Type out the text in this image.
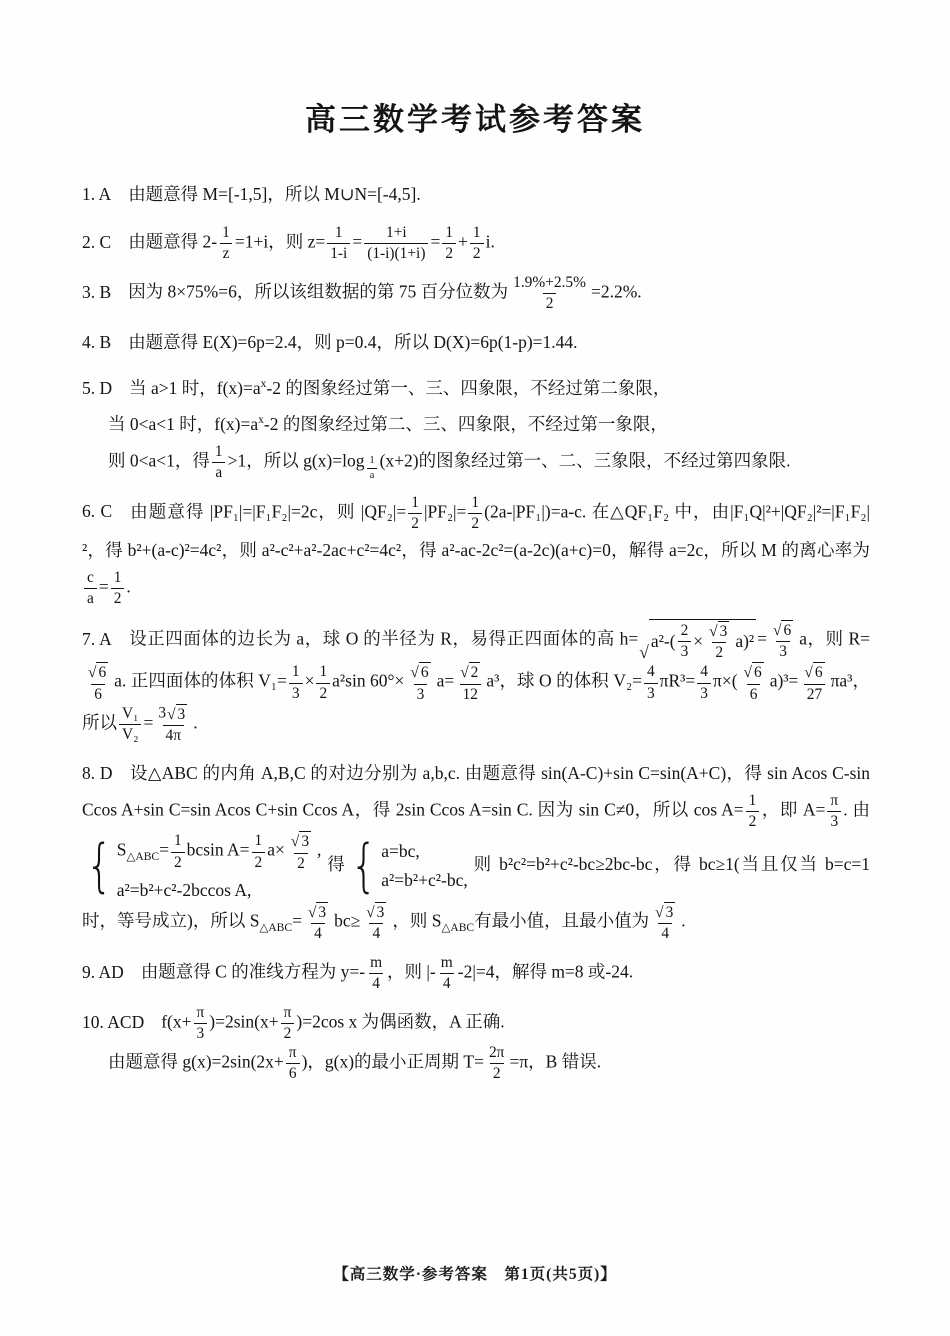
高三数学考试参考答案
1. A 由题意得 M=[-1,5]，所以 M∪N=[-4,5].
2. C 由题意得 $2- \frac{1}{z} =1+i$，则 $z= \frac{1}{1-i} = \frac{1+i}{(1-i)(1+i)} = \frac{1}{2} + \frac{1}{2} i$.
3. B 因为 8×75%=6，所以该组数据的第 75 百分位数为 $\frac{1.9\%+2.5\%}{2} =2.2\%$.
4. B 由题意得 E(X)=6p=2.4，则 p=0.4，所以 D(X)=6p(1-p)=1.44.
5. D 当 a>1 时，$f(x)=a^x-2$ 的图象经过第一、三、四象限，不经过第二象限，
当 0<a<1 时，$f(x)=a^x-2$ 的图象经过第二、三、四象限，不经过第一象限，
则 0<a<1，得 $\frac{1}{a} >1$，所以 g(x)=log $_{\frac{1}{a}}$ (x+2)的图象经过第一、二、三象限，不经过第四象限.
6. C 由题意得 |PF₁|=|F₁F₂|=2c，则 $|QF_2|= \frac{1}{2} |PF_2|= \frac{1}{2} (2a-|PF_1|)=a-c$. 在△QF₁F₂ 中，由|F₁Q|²+|QF₂|²=|F₁F₂|²，得 b²+(a-c)²=4c²，则 a²-c²+a²-2ac+c²=4c²，得 a²-ac-2c²=(a-2c)(a+c)=0，解得 a=2c，所以 M 的离心率为
$\frac{c}{a} = \frac{1}{2}$ .
7. A 设正四面体的边长为 a，球 O 的半径为 R，易得正四面体的高 h=
√
$a^2-( \frac{2}{3} \times \frac{√ 3}{2} a)^2 = \frac{√ 6}{3}$ a，则 R=
$\frac{√ 6}{6} a$. 正四面体的体积 $V_1= \frac{1}{3} \times \frac{1}{2} a^2\sin$ $60^\circ\times \frac{√ 6}{3} a= \frac{√ 2}{12} a^3$，球 O 的体积 $V_2= \frac{4}{3} \pi R^3= \frac{4}{3} \pi\times( \frac{√ 6}{6} a)^3= \frac{√ 6}{27} \pi a^3$，所以 $\frac{\text{V₁}}{\text{V₂}} = \frac{3 √ 3}{4\pi}$ .
8. D 设△ABC 的内角 A,B,C 的对边分别为 a,b,c. 由题意得 sin(A-C)+sin C=sin(A+C)，得 sin Acos C-sin Ccos A+sin C=sin Acos C+sin Ccos A，得 2sin Ccos A=sin C. 因为 sin C≠0，所以 $\cos A= \frac{1}{2}$ ，即 $A= \frac{\pi}{3}$ . 由
{ $S_{\triangle ABC}= \frac{1}{2}$ bcsin $A= \frac{1}{2} a\times \frac{√ 3}{2}$ ,
a²=b²+c²-2bccos A,
得 { a=bc,
a²=b²+c²-bc,
则 b²c²=b²+c²-bc≥2bc-bc，得 bc≥1(当且仅当 b=c=1 时，等号成立)，所以 $S_{\triangle ABC}= \frac{√ 3}{4} bc\ge \frac{√ 3}{4}$ ，则 $S_{\triangle ABC}$有最小值，且最小值为 $\frac{√ 3}{4}$ .
9. AD 由题意得 C 的准线方程为 $y=- \frac{m}{4}$ ，则 |- $\frac{m}{4} -2|=4$，解得 m=8 或-24.
10. ACD $f(x+ \frac{\pi}{3} )=2\sin(x+ \frac{\pi}{2} )=2\cos$ x 为偶函数，A 正确.
由题意得 $g(x)=2\sin(2x+ \frac{\pi}{6}$ )，g(x)的最小正周期 $T= \frac{2\pi}{2} =\pi$，B 错误.
【高三数学·参考答案　第1页(共5页)】
